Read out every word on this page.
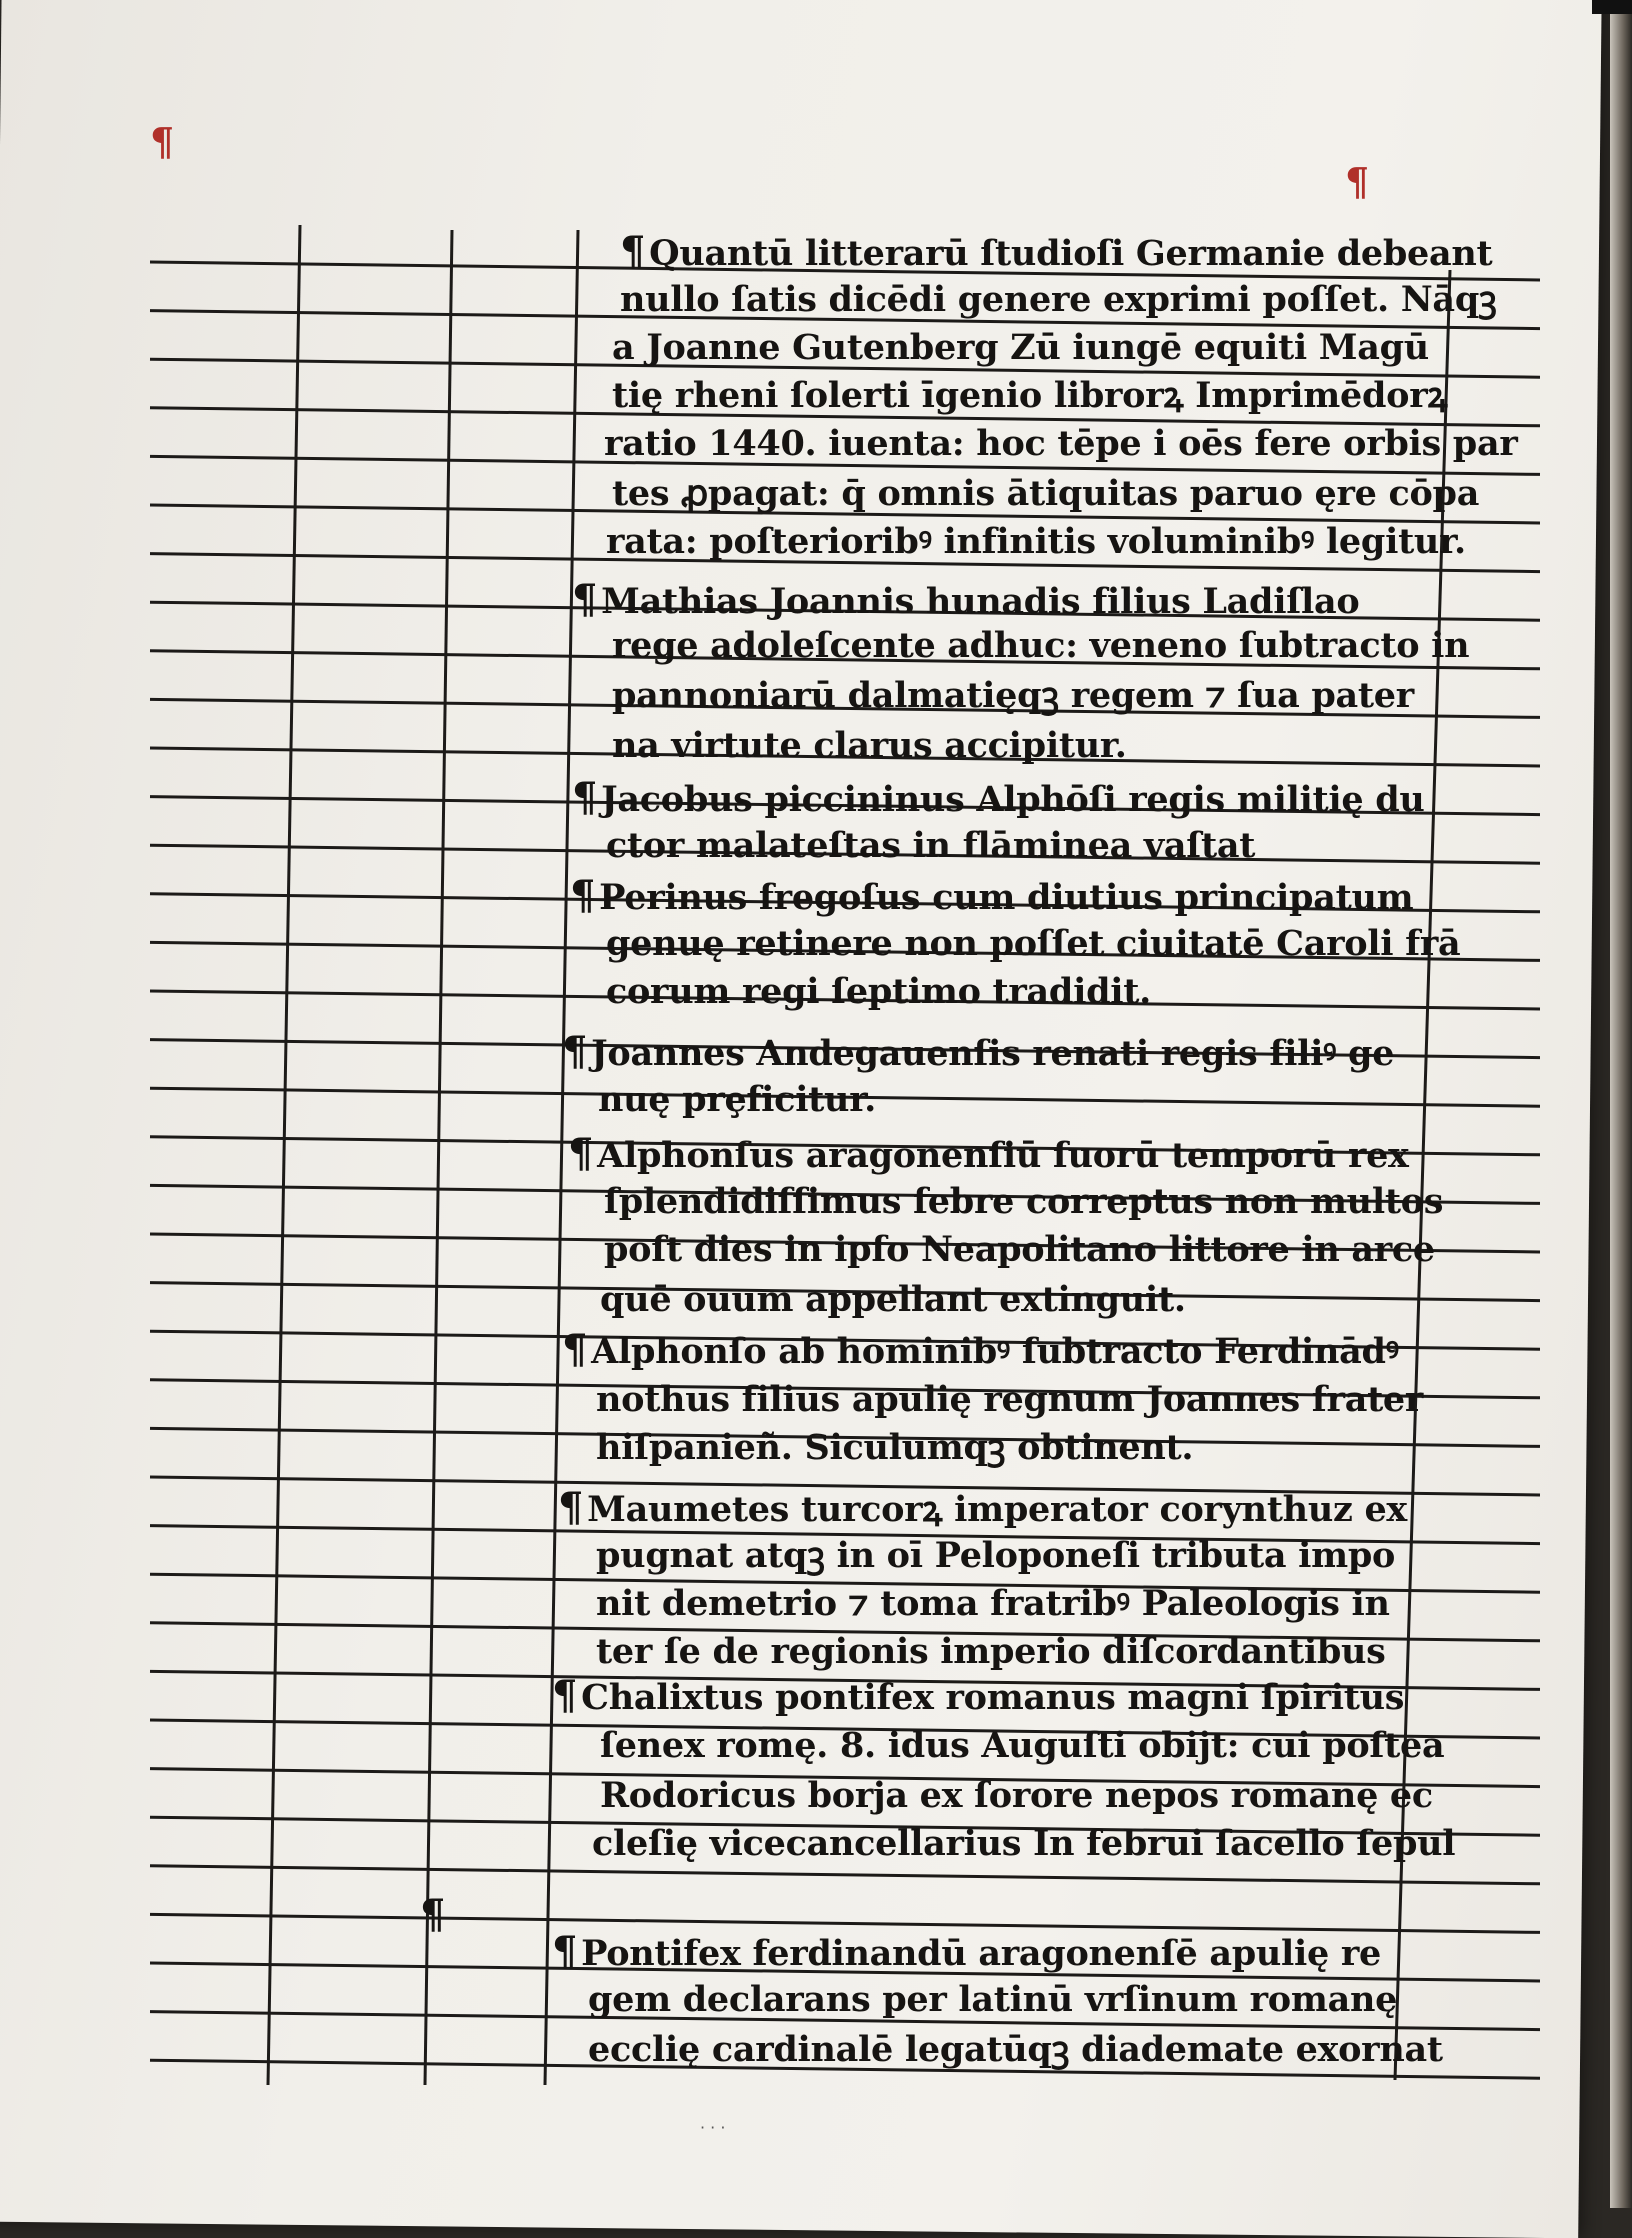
¶
¶
¶ Quantū litterarū ſtudioſi Germanie debeant
nullo ſatis dicēdi genere exprimi poſſet. Nāqꝫ
a Joanne Gutenberg Zū iungē equiti Magū
tię rheni ſolerti īgenio librorꝝ Imprimēdorꝝ
ratio 1440. iuenta: hoc tēpe i oēs fere orbis par
tes ꝓpagat: q̄ omnis ātiquitas paruo ęre cōpa
rata: poſterioribꝰ infinitis voluminibꝰ legitur.
¶ Mathias Joannis hunadis filius Ladiſlao
rege adoleſcente adhuc: veneno ſubtracto in
pannoniarū dalmatięqꝫ regem ⁊ ſua pater
na virtute clarus accipitur.
¶ Jacobus piccininus Alphōſi regis militię du
ctor malateſtas in flāminea vaſtat
¶ Perinus fregoſus cum diutius principatum
genuę retinere non poſſet ciuitatē Caroli frā
corum regi ſeptimo tradidit.
¶ Joannes Andegauenſis renati regis filiꝰ ge
nuę prȩficitur.
¶ Alphonſus aragonenſiū ſuorū temporū rex
ſplendidiſſimus febre correptus non multos
poſt dies in ipſo Neapolitano littore in arce
quē ouum appellant extinguit.
¶ Alphonſo ab hominibꝰ ſubtracto Ferdinādꝰ
nothus filius apulię regnum Joannes frater
hiſpanieñ. Siculumqꝫ obtinent.
¶ Maumetes turcorꝝ imperator corynthuz ex
pugnat atqꝫ in oī Peloponeſi tributa impo
nit demetrio ⁊ toma fratribꝰ Paleologis in
ter ſe de regionis imperio diſcordantibus
¶ Chalixtus pontifex romanus magni ſpiritus
ſenex romę. 8. idus Auguſti obijt: cui poſtea
Rodoricus borja ex ſorore nepos romanę ec
cleſię vicecancellarius In februi ſacello ſepul
¶ Pontifex ferdinandū aragonenſē apulię re
gem declarans per latinū vrſinum romanę
ecclię cardinalē legatūqꝫ diademate exornat
¶
· · ·
